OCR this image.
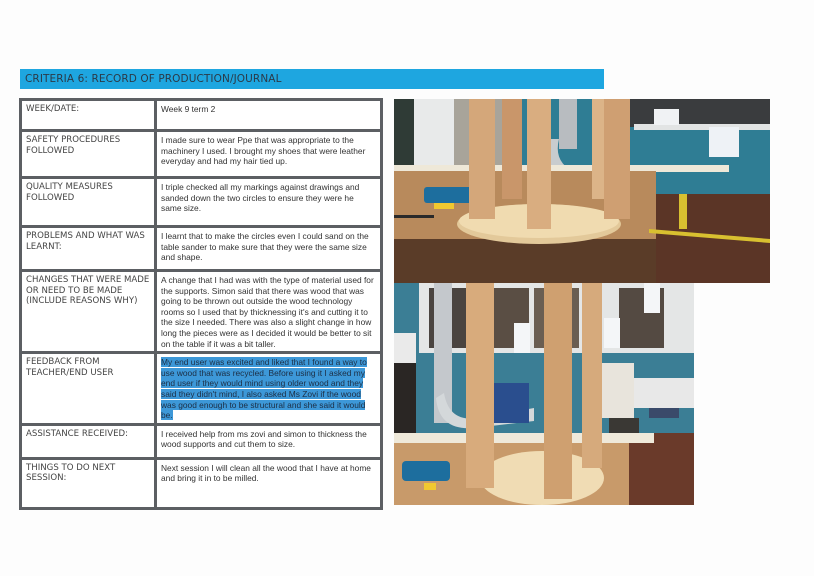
CRITERIA 6: RECORD OF PRODUCTION/JOURNAL
WEEK/DATE:	Week 9 term 2
SAFETY PROCEDURES FOLLOWED	I made sure to wear Ppe that was appropriate to the machinery I used. I brought my shoes that were leather everyday and had my hair tied up.
QUALITY MEASURES FOLLOWED	I triple checked all my markings against drawings and sanded down the two circles to ensure they were he same size.
PROBLEMS AND WHAT WAS LEARNT:	I learnt that to make the circles even I could sand on the table sander to make sure that they were the same size and shape.
CHANGES THAT WERE MADE OR NEED TO BE MADE (INCLUDE REASONS WHY)	A change that I had was with the type of material used for the supports. Simon said that there was wood that was going to be thrown out outside the wood technology rooms so I used that by thicknessing it's and cutting it to the size I needed. There was also a slight change in how long the pieces were as I decided it would be better to sit on the table if it was a bit taller.
FEEDBACK FROM TEACHER/END USER	My end user was excited and liked that I found a way to use wood that was recycled. Before using it I asked my end user if they would mind using older wood and they said they didn't mind, I also asked Ms Zovi if the wood was good enough to be structural and she said it would be.
ASSISTANCE RECEIVED:	I received help from ms zovi and simon to thickness the wood supports and cut them to size.
THINGS TO DO NEXT SESSION:	Next session I will clean all the wood that I have at home and bring it in to be milled.
